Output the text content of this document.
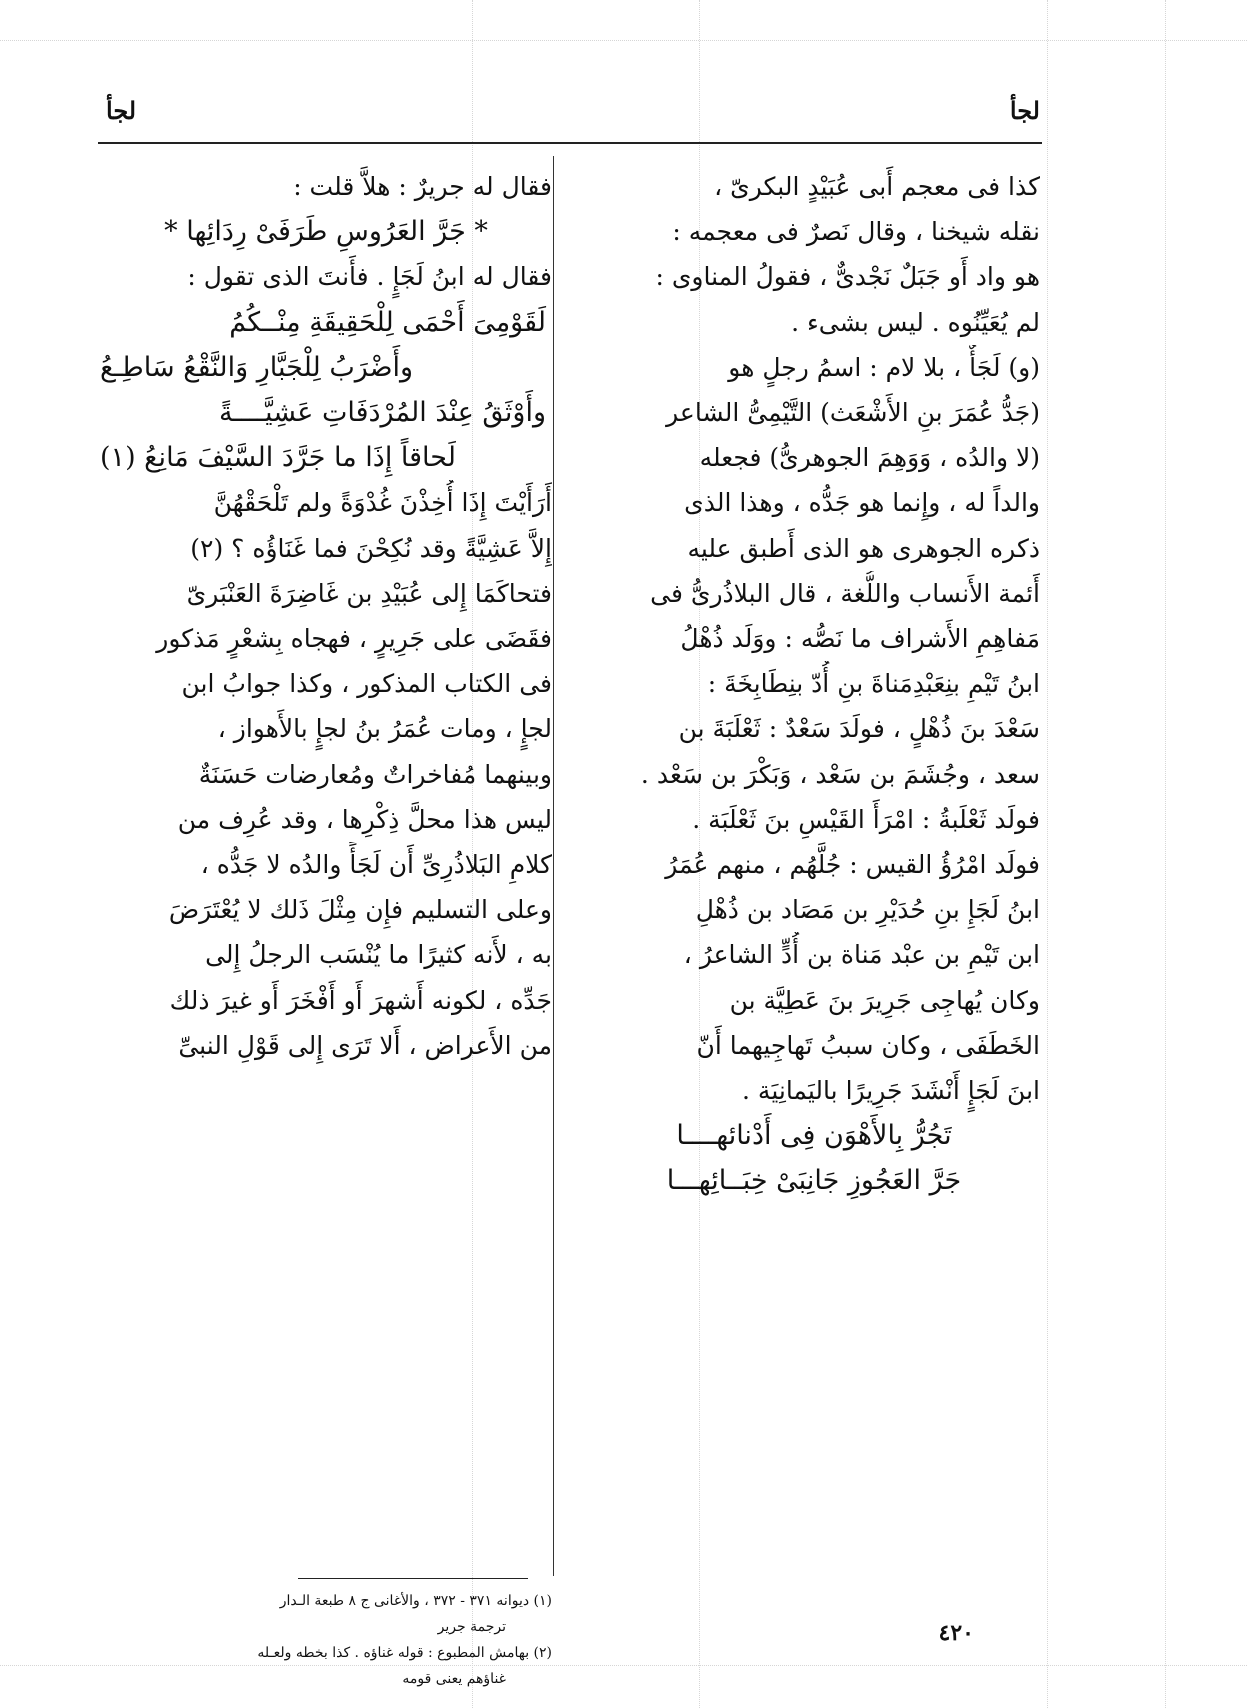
لجأ
لجأ
كذا فى معجم أَبى عُبَيْدٍ البكرىّ ،
نقله شيخنا ، وقال نَصرٌ فى معجمه :
هو واد أَو جَبَلٌ نَجْدىٌّ ، فقولُ المناوى :
لم يُعَيِّنُوه . ليس بشىء .
(و) لَجَأٌ ، بلا لام : اسمُ رجلٍ هو
(جَدُّ عُمَرَ بنِ الأَشْعَث) التَّيْمِىُّ الشاعر
(لا والدُه ، وَوَهِمَ الجوهرىُّ) فجعله
والداً له ، وإِنما هو جَدُّه ، وهذا الذى
ذكره الجوهرى هو الذى أَطبق عليه
أَئمة الأَنساب واللُّغة ، قال البلاذُرىُّ فى
مَفاهِمِ الأَشراف ما نَصُّه : ووَلَد ذُهْلُ
ابنُ تَيْمِ بنِعَبْدِمَناةَ بنِ أُدّ بنِطَابِخَةَ :
سَعْدَ بنَ ذُهْلٍ ، فولَدَ سَعْدٌ : ثَعْلَبَةَ بن
سعد ، وجُشَمَ بن سَعْد ، وَبَكْرَ بن سَعْد .
فولَد ثَعْلَبةُ : امْرَأَ القَيْسِ بنَ ثَعْلَبَة .
فولَد امْرُؤُ القيس : جُلَّهُم ، منهم عُمَرُ
ابنُ لَجَإِ بنِ حُدَيْرِ بن مَصَاد بن ذُهْلِ
ابن تَيْمِ بن عبْد مَناة بن أُدٍّ الشاعرُ ،
وكان يُهاجِى جَرِيرَ بنَ عَطِيَّة بن
الخَطَفَى ، وكان سببُ تَهاجِيهما أَنّ
ابنَ لَجَإٍ أَنْشَدَ جَرِيرًا باليَمانِيَة .
تَجُرُّ بِالأَهْوَن فِى أَدْنائهــــا
جَرَّ العَجُوزِ جَانِبَىْ خِبَــائِهـــا
فقال له جريرٌ : هلاَّ قلت :
* جَرَّ العَرُوسِ طَرَفَىْ رِدَائِها *
فقال له ابنُ لَجَإٍ . فأَنتَ الذى تقول :
لَقَوْمِىَ أَحْمَى لِلْحَقِيقَةِ مِنْــكُمُ
وأَضْرَبُ لِلْجَبَّارِ وَالنَّقْعُ سَاطِـعُ
وأَوْثَقُ عِنْدَ المُرْدَفَاتِ عَشِيَّــــةً
لَحاقاً إِذَا ما جَرَّدَ السَّيْفَ مَانِعُ (١)
أَرَأَيْتَ إِذَا أُخِذْنَ غُدْوَةً ولم تَلْحَقْهُنَّ
إِلاَّ عَشِيَّةً وقد نُكِحْنَ فما غَنَاؤُه ؟ (٢)
فتحاكَمَا إِلى عُبَيْدِ بن غَاضِرَةَ العَنْبَرىّ
فقَضَى على جَرِيرٍ ، فهجاه بِشعْرٍ مَذكور
فى الكتاب المذكور ، وكذا جوابُ ابن
لجإٍ ، ومات عُمَرُ بنُ لجإٍ بالأَهواز ،
وبينهما مُفاخراتٌ ومُعارضات حَسَنَةٌ
ليس هذا محلَّ ذِكْرِها ، وقد عُرِف من
كلامِ البَلاذُرِىِّ أَن لَجَأً والدُه لا جَدُّه ،
وعلى التسليم فإِن مِثْلَ ذَلك لا يُعْتَرَضَ
به ، لأَنه كثيرًا ما يُنْسَب الرجلُ إِلى
جَدِّه ، لكونه أَشهرَ أَو أَفْخَرَ أَو غيرَ ذلك
من الأَعراض ، أَلا تَرَى إِلى قَوْلِ النبىِّ
(١) ديوانه ٣٧١ - ٣٧٢ ، والأغانى ج ٨ طبعة الـدار
ترجمة جرير
(٢) بهامش المطبوع : قوله غناؤه . كذا بخطه ولعـله
غناؤهم يعنى قومه
٤٢٠
